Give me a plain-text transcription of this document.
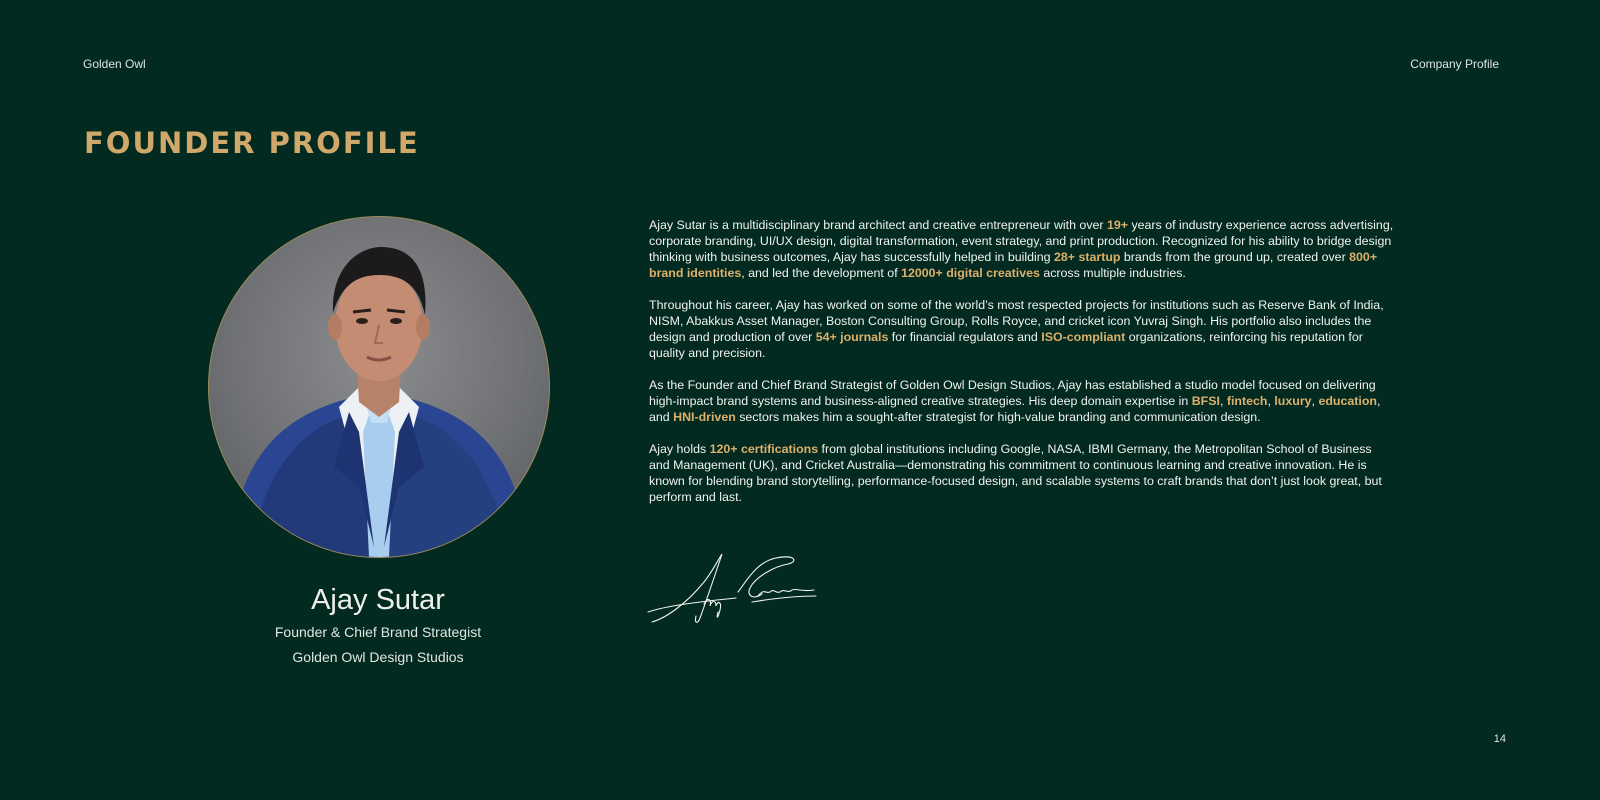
Golden Owl	Company Profile
FOUNDER PROFILE
Ajay Sutar
Founder & Chief Brand Strategist
Golden Owl Design Studios

Ajay Sutar is a multidisciplinary brand architect and creative entrepreneur with over 19+ years of industry experience across advertising, corporate branding, UI/UX design, digital transformation, event strategy, and print production. Recognized for his ability to bridge design thinking with business outcomes, Ajay has successfully helped in building 28+ startup brands from the ground up, created over 800+ brand identities, and led the development of 12000+ digital creatives across multiple industries.

Throughout his career, Ajay has worked on some of the world’s most respected projects for institutions such as Reserve Bank of India, NISM, Abakkus Asset Manager, Boston Consulting Group, Rolls Royce, and cricket icon Yuvraj Singh. His portfolio also includes the design and production of over 54+ journals for financial regulators and ISO-compliant organizations, reinforcing his reputation for quality and precision.

As the Founder and Chief Brand Strategist of Golden Owl Design Studios, Ajay has established a studio model focused on delivering high-impact brand systems and business-aligned creative strategies. His deep domain expertise in BFSI, fintech, luxury, education, and HNI-driven sectors makes him a sought-after strategist for high-value branding and communication design.

Ajay holds 120+ certifications from global institutions including Google, NASA, IBMI Germany, the Metropolitan School of Business and Management (UK), and Cricket Australia—demonstrating his commitment to continuous learning and creative innovation. He is known for blending brand storytelling, performance-focused design, and scalable systems to craft brands that don’t just look great, but perform and last.

14
